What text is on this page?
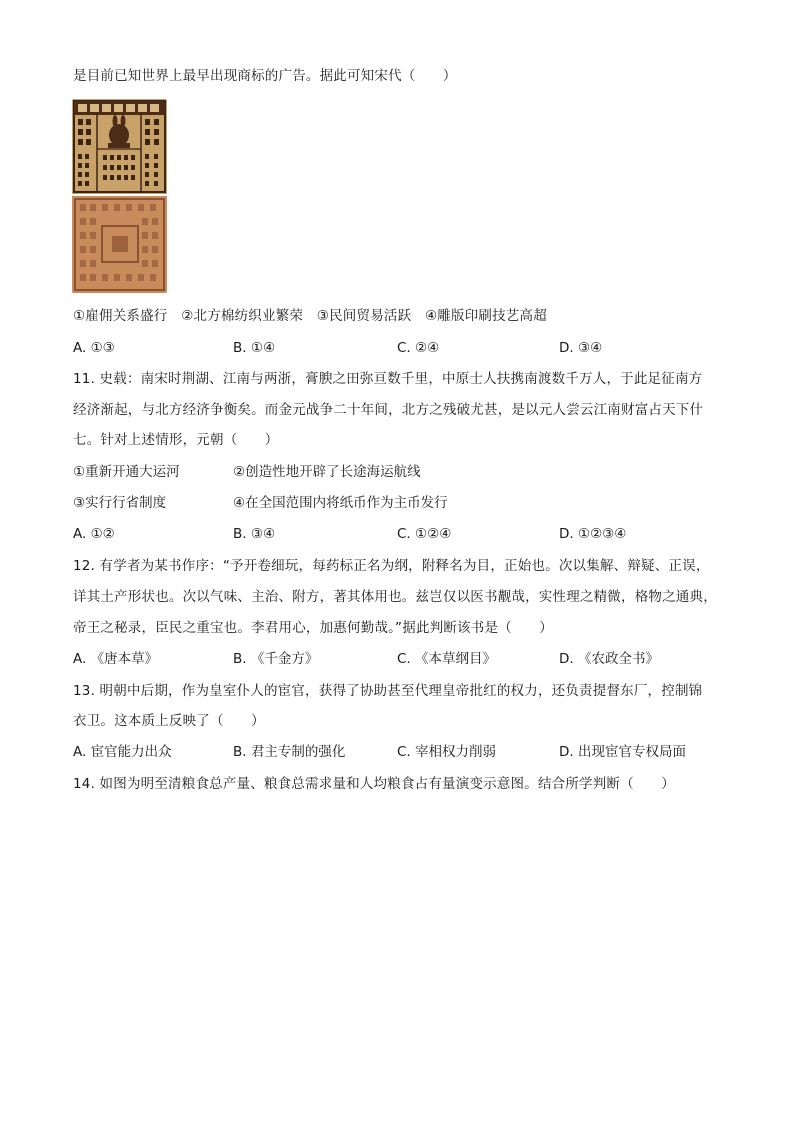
是目前已知世界上最早出现商标的广告。据此可知宋代（　　）
①雇佣关系盛行　②北方棉纺织业繁荣　③民间贸易活跃　④雕版印刷技艺高超
A. ①③	B. ①④	C. ②④	D. ③④
11. 史载：南宋时荆湖、江南与两浙，膏腴之田弥亘数千里，中原士人扶携南渡数千万人，于此足征南方
经济渐起，与北方经济争衡矣。而金元战争二十年间，北方之残破尤甚，是以元人尝云江南财富占天下什
七。针对上述情形，元朝（　　）
①重新开通大运河	②创造性地开辟了长途海运航线
③实行行省制度	④在全国范围内将纸币作为主币发行
A. ①②	B. ③④	C. ①②④	D. ①②③④
12. 有学者为某书作序：“予开卷细玩，每药标正名为纲，附释名为目，正始也。次以集解、辩疑、正误，
详其土产形状也。次以气味、主治、附方，著其体用也。兹岂仅以医书觏哉，实性理之精微，格物之通典，
帝王之秘录，臣民之重宝也。李君用心，加惠何勤哉。”据此判断该书是（　　）
A. 《唐本草》	B. 《千金方》	C. 《本草纲目》	D. 《农政全书》
13. 明朝中后期，作为皇室仆人的宦官，获得了协助甚至代理皇帝批红的权力，还负责提督东厂，控制锦
衣卫。这本质上反映了（　　）
A. 宦官能力出众	B. 君主专制的强化	C. 宰相权力削弱	D. 出现宦官专权局面
14. 如图为明至清粮食总产量、粮食总需求量和人均粮食占有量演变示意图。结合所学判断（　　）
